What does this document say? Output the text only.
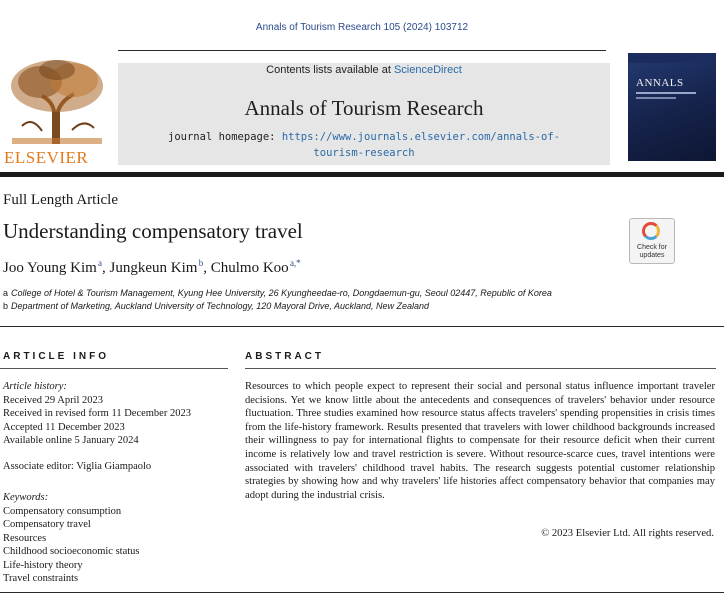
Annals of Tourism Research 105 (2024) 103712
ELSEVIER
Contents lists available at ScienceDirect
Annals of Tourism Research
journal homepage: https://www.journals.elsevier.com/annals-of-
tourism-research
ANNALS
Full Length Article
Understanding compensatory travel
Joo Young Kim $^a$, Jungkeun Kim $^b$, Chulmo Koo $^{a,*}$
a College of Hotel & Tourism Management, Kyung Hee University, 26 Kyungheedae-ro, Dongdaemun-gu, Seoul 02447, Republic of Korea
b Department of Marketing, Auckland University of Technology, 120 Mayoral Drive, Auckland, New Zealand
Check for updates
ARTICLE INFO	ABSTRACT
Article history:
Received 29 April 2023
Received in revised form 11 December 2023
Accepted 11 December 2023
Available online 5 January 2024
Associate editor: Viglia Giampaolo
Keywords:
Compensatory consumption
Compensatory travel
Resources
Childhood socioeconomic status
Life-history theory
Travel constraints
Resources to which people expect to represent their social and personal status influence important traveler decisions. Yet we know little about the antecedents and consequences of travelers' behavior under resource fluctuation. Three studies examined how resource status affects travelers' spending propensities in crisis times from the life-history framework. Results presented that travelers with lower childhood backgrounds increased their willingness to pay for international flights to compensate for their resource deficit when their current income is relatively low and travel restriction is severe. Without resource-scarce cues, travel intentions were associated with travelers' childhood travel habits. The research suggests potential customer relationship strategies by showing how and why travelers' life histories affect compensatory behavior that companies may adopt during the industrial crisis.
© 2023 Elsevier Ltd. All rights reserved.
